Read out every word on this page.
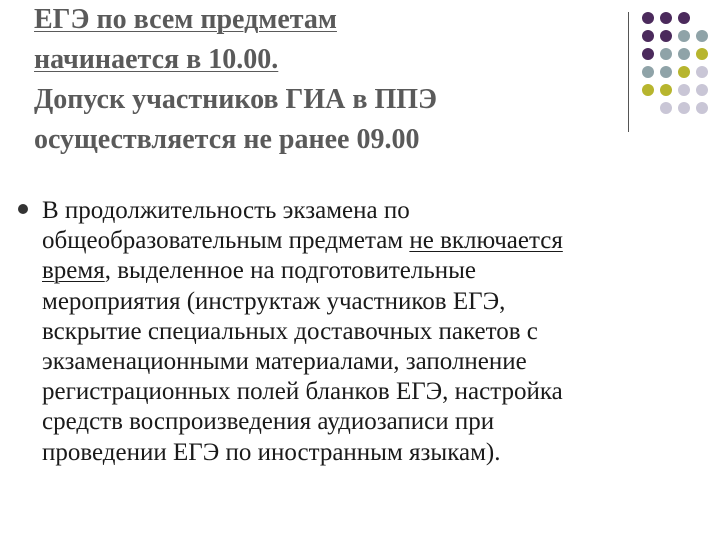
ЕГЭ по всем предметам
начинается в 10.00.
Допуск участников ГИА в ППЭ
осуществляется не ранее 09.00
В продолжительность экзамена по
общеобразовательным предметам не включается
время, выделенное на подготовительные
мероприятия (инструктаж участников ЕГЭ,
вскрытие специальных доставочных пакетов с
экзаменационными материалами, заполнение
регистрационных полей бланков ЕГЭ, настройка
средств воспроизведения аудиозаписи при
проведении ЕГЭ по иностранным языкам).
